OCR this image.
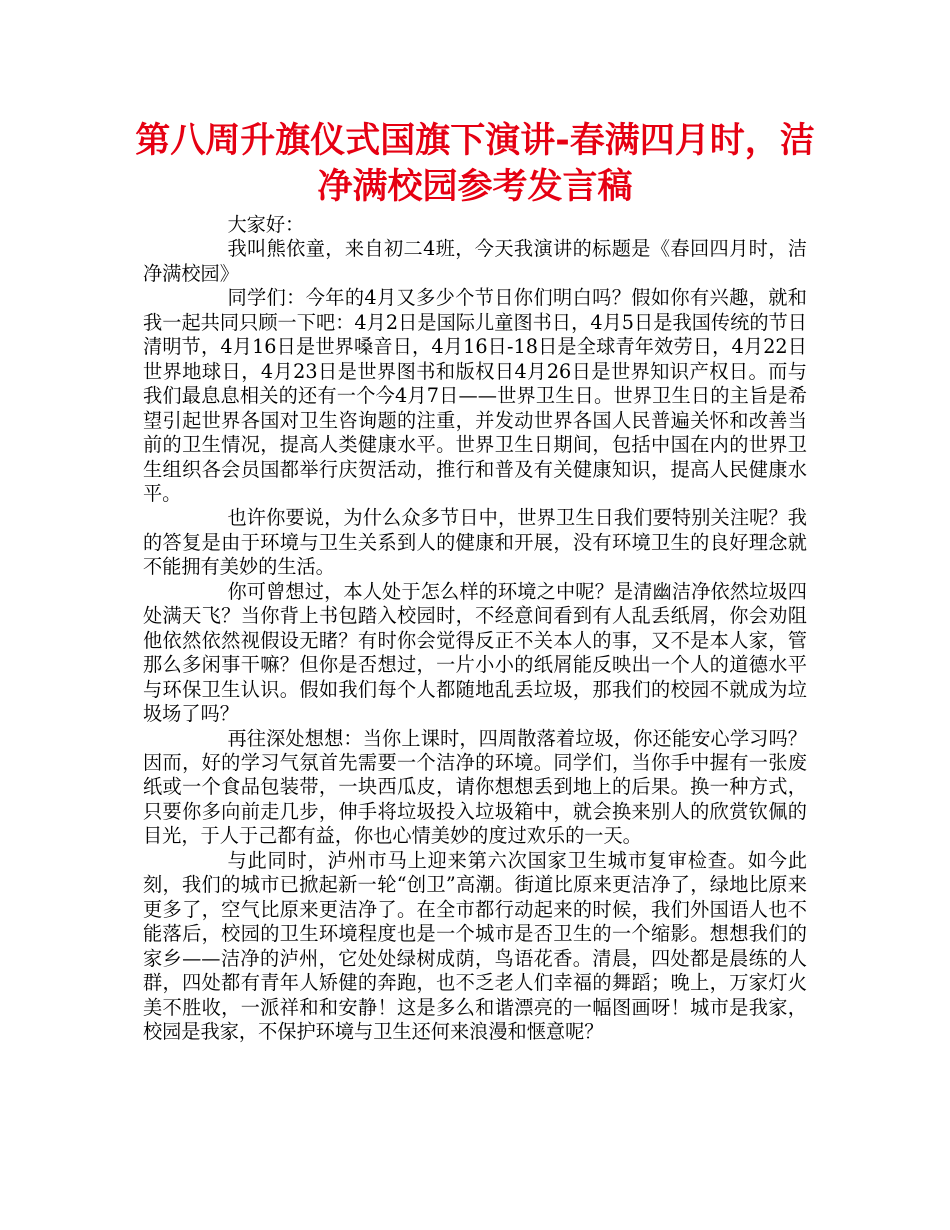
第八周升旗仪式国旗下演讲-春满四月时，洁净满校园参考发言稿

大家好：

我叫熊依童，来自初二4班，今天我演讲的标题是《春回四月时，洁净满校园》

同学们：今年的4月又多少个节日你们明白吗？假如你有兴趣，就和我一起共同只顾一下吧：4月2日是国际儿童图书日，4月5日是我国传统的节日清明节，4月16日是世界嗓音日，4月16日-18日是全球青年效劳日，4月22日世界地球日，4月23日是世界图书和版权日4月26日是世界知识产权日。而与我们最息息相关的还有一个今4月7日——世界卫生日。世界卫生日的主旨是希望引起世界各国对卫生咨询题的注重，并发动世界各国人民普遍关怀和改善当前的卫生情况，提高人类健康水平。世界卫生日期间，包括中国在内的世界卫生组织各会员国都举行庆贺活动，推行和普及有关健康知识，提高人民健康水平。

也许你要说，为什么众多节日中，世界卫生日我们要特别关注呢？我的答复是由于环境与卫生关系到人的健康和开展，没有环境卫生的良好理念就不能拥有美妙的生活。

你可曾想过，本人处于怎么样的环境之中呢？是清幽洁净依然垃圾四处满天飞？当你背上书包踏入校园时，不经意间看到有人乱丢纸屑，你会劝阻他依然依然视假设无睹？有时你会觉得反正不关本人的事，又不是本人家，管那么多闲事干嘛？但你是否想过，一片小小的纸屑能反映出一个人的道德水平与环保卫生认识。假如我们每个人都随地乱丢垃圾，那我们的校园不就成为垃圾场了吗？

再往深处想想：当你上课时，四周散落着垃圾，你还能安心学习吗？因而，好的学习气氛首先需要一个洁净的环境。同学们，当你手中握有一张废纸或一个食品包装带，一块西瓜皮，请你想想丢到地上的后果。换一种方式，只要你多向前走几步，伸手将垃圾投入垃圾箱中，就会换来别人的欣赏钦佩的目光，于人于己都有益，你也心情美妙的度过欢乐的一天。

与此同时，泸州市马上迎来第六次国家卫生城市复审检查。如今此刻，我们的城市已掀起新一轮“创卫”高潮。街道比原来更洁净了，绿地比原来更多了，空气比原来更洁净了。在全市都行动起来的时候，我们外国语人也不能落后，校园的卫生环境程度也是一个城市是否卫生的一个缩影。想想我们的家乡——洁净的泸州，它处处绿树成荫，鸟语花香。清晨，四处都是晨练的人群，四处都有青年人矫健的奔跑，也不乏老人们幸福的舞蹈；晚上，万家灯火美不胜收，一派祥和和安静！这是多么和谐漂亮的一幅图画呀！城市是我家，校园是我家，不保护环境与卫生还何来浪漫和惬意呢？
